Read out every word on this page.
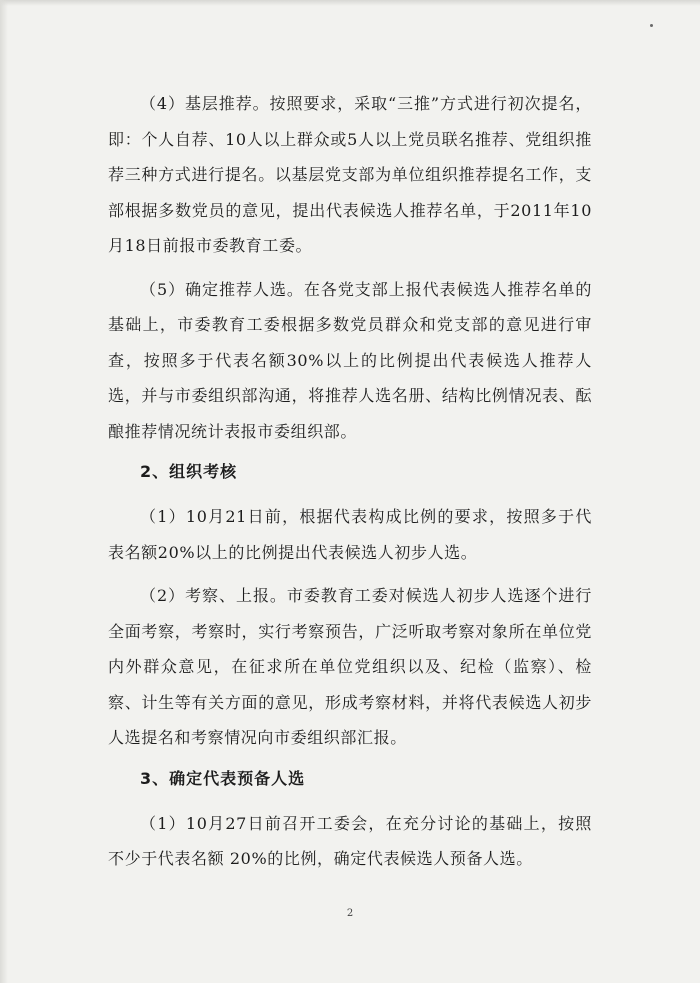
（4）基层推荐。按照要求，采取“三推”方式进行初次提名，即：个人自荐、10人以上群众或5人以上党员联名推荐、党组织推荐三种方式进行提名。以基层党支部为单位组织推荐提名工作，支部根据多数党员的意见，提出代表候选人推荐名单，于2011年10月18日前报市委教育工委。

（5）确定推荐人选。在各党支部上报代表候选人推荐名单的基础上，市委教育工委根据多数党员群众和党支部的意见进行审查，按照多于代表名额30%以上的比例提出代表候选人推荐人选，并与市委组织部沟通，将推荐人选名册、结构比例情况表、酝酿推荐情况统计表报市委组织部。

2、组织考核

（1）10月21日前，根据代表构成比例的要求，按照多于代表名额20%以上的比例提出代表候选人初步人选。

（2）考察、上报。市委教育工委对候选人初步人选逐个进行全面考察，考察时，实行考察预告，广泛听取考察对象所在单位党内外群众意见，在征求所在单位党组织以及、纪检（监察）、检察、计生等有关方面的意见，形成考察材料，并将代表候选人初步人选提名和考察情况向市委组织部汇报。

3、确定代表预备人选

（1）10月27日前召开工委会，在充分讨论的基础上，按照不少于代表名额 20%的比例，确定代表候选人预备人选。

2
